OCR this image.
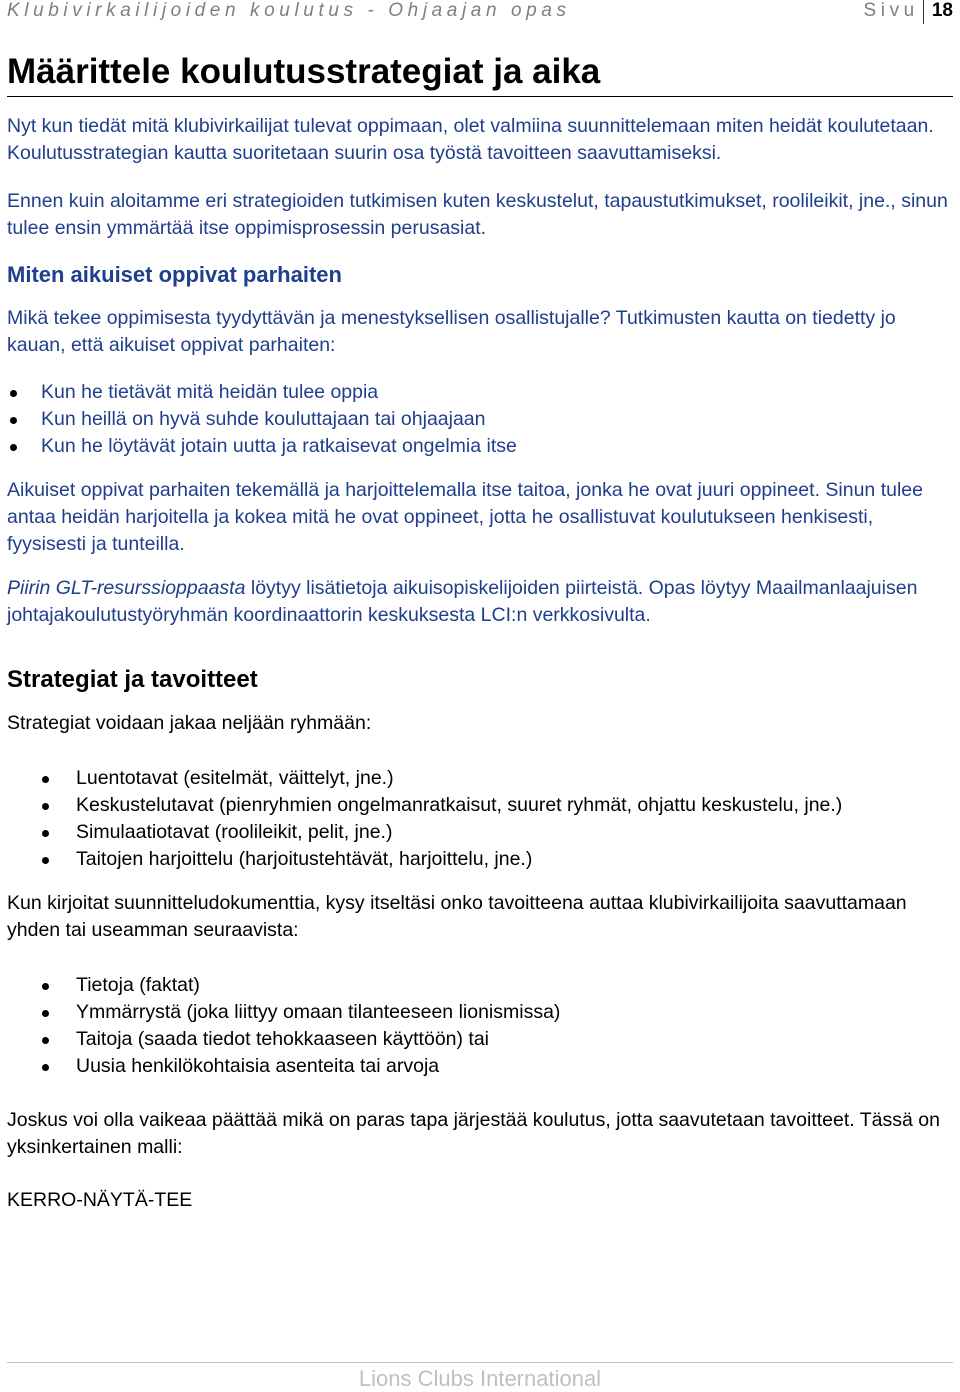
Klubivirkailijoiden koulutus - Ohjaajan opas	Sivu 18
Määrittele koulutusstrategiat ja aika

Nyt kun tiedät mitä klubivirkailijat tulevat oppimaan, olet valmiina suunnittelemaan miten heidät koulutetaan. Koulutusstrategian kautta suoritetaan suurin osa työstä tavoitteen saavuttamiseksi.

Ennen kuin aloitamme eri strategioiden tutkimisen kuten keskustelut, tapaustutkimukset, roolileikit, jne., sinun tulee ensin ymmärtää itse oppimisprosessin perusasiat.

Miten aikuiset oppivat parhaiten

Mikä tekee oppimisesta tyydyttävän ja menestyksellisen osallistujalle? Tutkimusten kautta on tiedetty jo kauan, että aikuiset oppivat parhaiten:

Kun he tietävät mitä heidän tulee oppia
Kun heillä on hyvä suhde kouluttajaan tai ohjaajaan
Kun he löytävät jotain uutta ja ratkaisevat ongelmia itse

Aikuiset oppivat parhaiten tekemällä ja harjoittelemalla itse taitoa, jonka he ovat juuri oppineet. Sinun tulee antaa heidän harjoitella ja kokea mitä he ovat oppineet, jotta he osallistuvat koulutukseen henkisesti, fyysisesti ja tunteilla.

Piirin GLT-resurssioppaasta löytyy lisätietoja aikuisopiskelijoiden piirteistä. Opas löytyy Maailmanlaajuisen johtajakoulutustyöryhmän koordinaattorin keskuksesta LCI:n verkkosivulta.

Strategiat ja tavoitteet

Strategiat voidaan jakaa neljään ryhmään:

Luentotavat (esitelmät, väittelyt, jne.)
Keskustelutavat (pienryhmien ongelmanratkaisut, suuret ryhmät, ohjattu keskustelu, jne.)
Simulaatiotavat (roolileikit, pelit, jne.)
Taitojen harjoittelu (harjoitustehtävät, harjoittelu, jne.)

Kun kirjoitat suunnitteludokumenttia, kysy itseltäsi onko tavoitteena auttaa klubivirkailijoita saavuttamaan yhden tai useamman seuraavista:

Tietoja (faktat)
Ymmärrystä (joka liittyy omaan tilanteeseen lionismissa)
Taitoja (saada tiedot tehokkaaseen käyttöön) tai
Uusia henkilökohtaisia asenteita tai arvoja

Joskus voi olla vaikeaa päättää mikä on paras tapa järjestää koulutus, jotta saavutetaan tavoitteet. Tässä on yksinkertainen malli:

KERRO-NÄYTÄ-TEE

Lions Clubs International
